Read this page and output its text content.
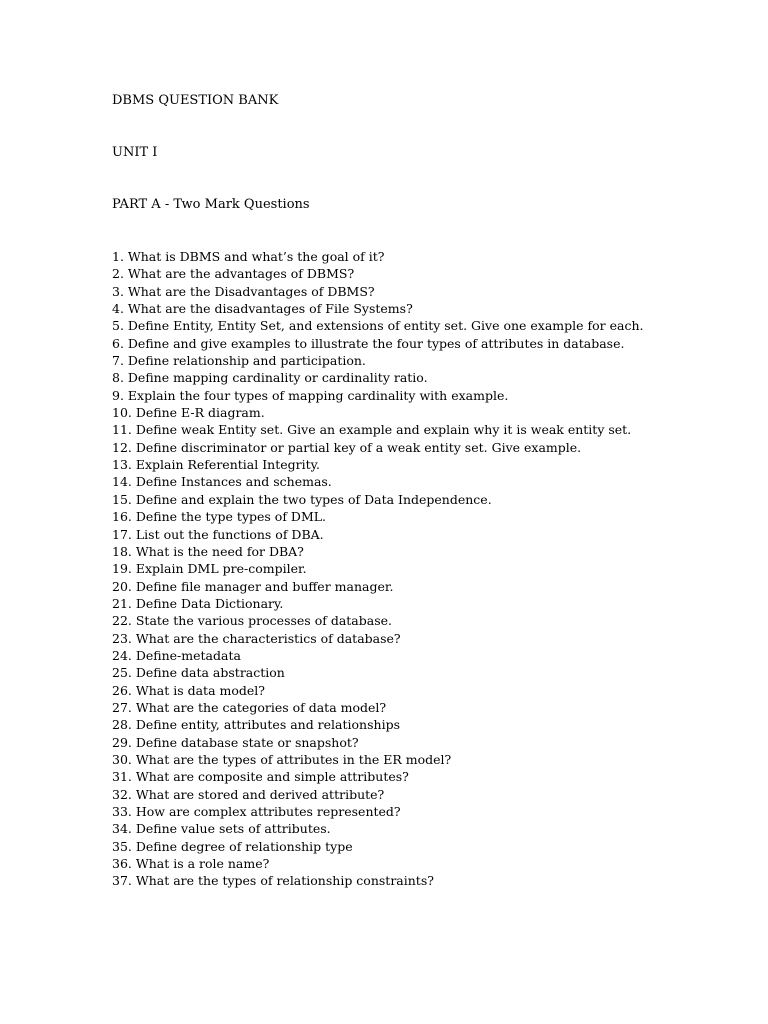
DBMS QUESTION BANK
UNIT I
PART A - Two Mark Questions
1. What is DBMS and what’s the goal of it?
2. What are the advantages of DBMS?
3. What are the Disadvantages of DBMS?
4. What are the disadvantages of File Systems?
5. Define Entity, Entity Set, and extensions of entity set. Give one example for each.
6. Define and give examples to illustrate the four types of attributes in database.
7. Define relationship and participation.
8. Define mapping cardinality or cardinality ratio.
9. Explain the four types of mapping cardinality with example.
10. Define E-R diagram.
11. Define weak Entity set. Give an example and explain why it is weak entity set.
12. Define discriminator or partial key of a weak entity set. Give example.
13. Explain Referential Integrity.
14. Define Instances and schemas.
15. Define and explain the two types of Data Independence.
16. Define the type types of DML.
17. List out the functions of DBA.
18. What is the need for DBA?
19. Explain DML pre-compiler.
20. Define file manager and buffer manager.
21. Define Data Dictionary.
22. State the various processes of database.
23. What are the characteristics of database?
24. Define-metadata
25. Define data abstraction
26. What is data model?
27. What are the categories of data model?
28. Define entity, attributes and relationships
29. Define database state or snapshot?
30. What are the types of attributes in the ER model?
31. What are composite and simple attributes?
32. What are stored and derived attribute?
33. How are complex attributes represented?
34. Define value sets of attributes.
35. Define degree of relationship type
36. What is a role name?
37. What are the types of relationship constraints?
